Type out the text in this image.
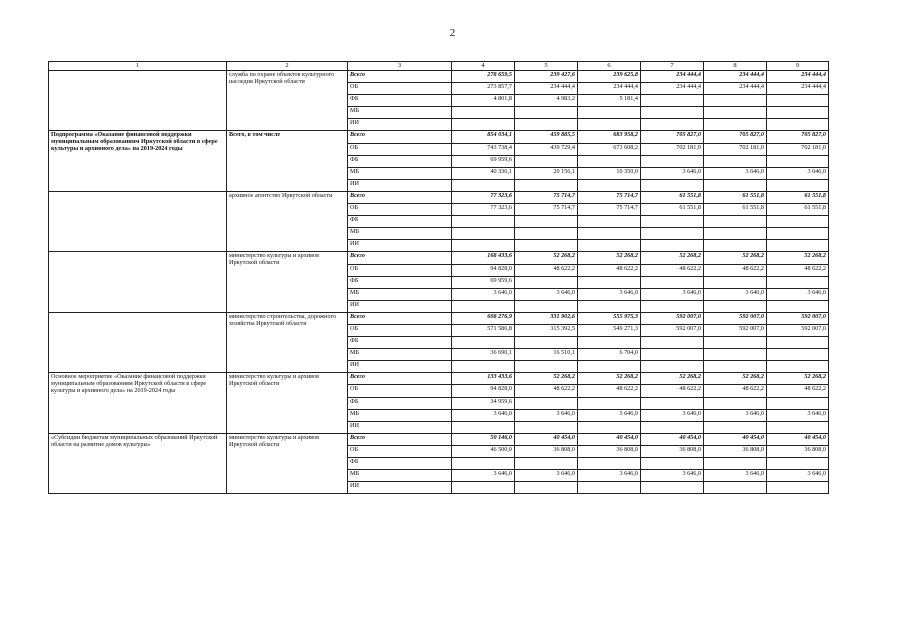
2
1	2	3	4	5	6	7	8	9
	служба по охране объектов культурного наследия Иркутской области	Всего	278 659,5	239 427,6	239 625,8	234 444,4	234 444,4	234 444,4
		ОБ	273 857,7	234 444,4	234 444,4	234 444,4	234 444,4	234 444,4
		ФБ	4 801,8	4 983,2	5 181,4			
		МБ						
		ИИ						
Подпрограмма «Оказание финансовой поддержки муниципальным образованиям Иркутской области в сфере культуры и архивного дела» на 2019-2024 годы	Всего, в том числе	Всего	854 034,1	459 885,5	683 958,2	705 827,0	705 827,0	705 827,0
		ОБ	743 738,4	439 729,4	673 608,2	702 181,0	702 181,0	702 181,0
		ФБ	69 959,6					
		МБ	40 336,1	20 156,1	10 350,0	3 646,0	3 646,0	3 646,0
		ИИ						
	архивное агентство Иркутской области	Всего	77 323,6	75 714,7	75 714,7	61 551,8	61 551,8	61 551,8
		ОБ	77 323,6	75 714,7	75 714,7	61 551,8	61 551,8	61 551,8
		ФБ						
		МБ						
		ИИ						
	министерство культуры и архивов Иркутской области	Всего	168 433,6	52 268,2	52 268,2	52 268,2	52 268,2	52 268,2
		ОБ	94 828,0	48 622,2	48 622,2	48 622,2	48 622,2	48 622,2
		ФБ	69 959,6					
		МБ	3 646,0	3 646,0	3 646,0	3 646,0	3 646,0	3 646,0
		ИИ						
	министерство строительства, дорожного хозяйства Иркутской области	Всего	608 276,9	331 902,6	555 975,3	592 007,0	592 007,0	592 007,0
		ОБ	571 586,8	315 392,5	549 271,3	592 007,0	592 007,0	592 007,0
		ФБ						
		МБ	36 690,1	16 510,1	6 704,0			
		ИИ						
Основное мероприятие «Оказание финансовой поддержки муниципальным образованиям Иркутской области в сфере культуры и архивного дела» на 2019-2024 годы	министерство культуры и архивов Иркутской области	Всего	133 433,6	52 268,2	52 268,2	52 268,2	52 268,2	52 268,2
		ОБ	94 828,0	48 622,2	48 622,2	48 622,2	48 622,2	48 622,2
		ФБ	34 959,6					
		МБ	3 646,0	3 646,0	3 646,0	3 646,0	3 646,0	3 646,0
		ИИ						
«Субсидии бюджетам муниципальных образований Иркутской области на развитие домов культуры»	министерство культуры и архивов Иркутской области	Всего	50 146,0	40 454,0	40 454,0	40 454,0	40 454,0	40 454,0
		ОБ	46 500,0	36 808,0	36 808,0	36 808,0	36 808,0	36 808,0
		ФБ						
		МБ	3 646,0	3 646,0	3 646,0	3 646,0	3 646,0	3 646,0
		ИИ						
